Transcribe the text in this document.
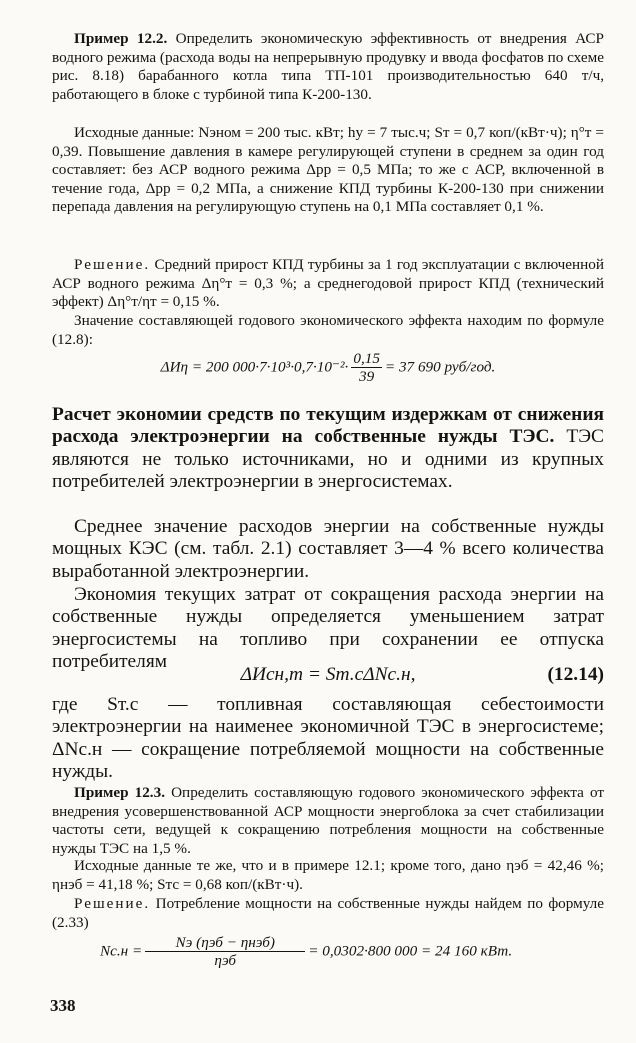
Пример 12.2. Определить экономическую эффективность от внедрения АСР водного режима (расхода воды на непрерывную продувку и ввода фосфатов по схеме рис. 8.18) барабанного котла типа ТП-101 производительностью 640 т/ч, работающего в блоке с турбиной типа К-200-130.

Исходные данные: Nэном = 200 тыс. кВт; hу = 7 тыс.ч; Sт = 0,7 коп/(кВт·ч); η°т = 0,39. Повышение давления в камере регулирующей ступени в среднем за один год составляет: без АСР водного режима Δpр = 0,5 МПа; то же с АСР, включенной в течение года, Δpр = 0,2 МПа, а снижение КПД турбины К-200-130 при снижении перепада давления на регулирующую ступень на 0,1 МПа составляет 0,1 %.

Решение. Средний прирост КПД турбины за 1 год эксплуатации с включенной АСР водного режима Δη°т = 0,3 %; а среднегодовой прирост КПД (технический эффект) Δη°т/ηт = 0,15 %.

Значение составляющей годового экономического эффекта находим по формуле (12.8):

ΔИη = 200 $000\cdot 7\cdot 10^3\cdot 0,7\cdot 10^{-2}\cdot \frac{0,15}{39} = 37$ 690 руб/год.

Расчет экономии средств по текущим издержкам от снижения расхода электроэнергии на собственные нужды ТЭС. ТЭС являются не только источниками, но и одними из крупных потребителей электроэнергии в энергосистемах.

Среднее значение расходов энергии на собственные нужды мощных КЭС (см. табл. 2.1) составляет 3—4 % всего количества выработанной электроэнергии.

Экономия текущих затрат от сокращения расхода энергии на собственные нужды определяется уменьшением затрат энергосистемы на топливо при сохранении ее отпуска потребителям

ΔИсн,т = Sт.сΔNс.н,	(12.14)

где Sт.с — топливная составляющая себестоимости электроэнергии на наименее экономичной ТЭС в энергосистеме; ΔNс.н — сокращение потребляемой мощности на собственные нужды.

Пример 12.3. Определить составляющую годового экономического эффекта от внедрения усовершенствованной АСР мощности энергоблока за счет стабилизации частоты сети, ведущей к сокращению потребления мощности на собственные нужды ТЭС на 1,5 %.

Исходные данные те же, что и в примере 12.1; кроме того, дано ηэб = 42,46 %; ηнэб = 41,18 %; Sтс = 0,68 коп/(кВт·ч).

Решение. Потребление мощности на собственные нужды найдем по формуле (2.33)

$Nс.н = \frac{\text{Nэ (ηэб − ηнэб)}}{\text{ηэб}} = 0,0302\cdot 800$ 000 = 24 160 кВт.
338
